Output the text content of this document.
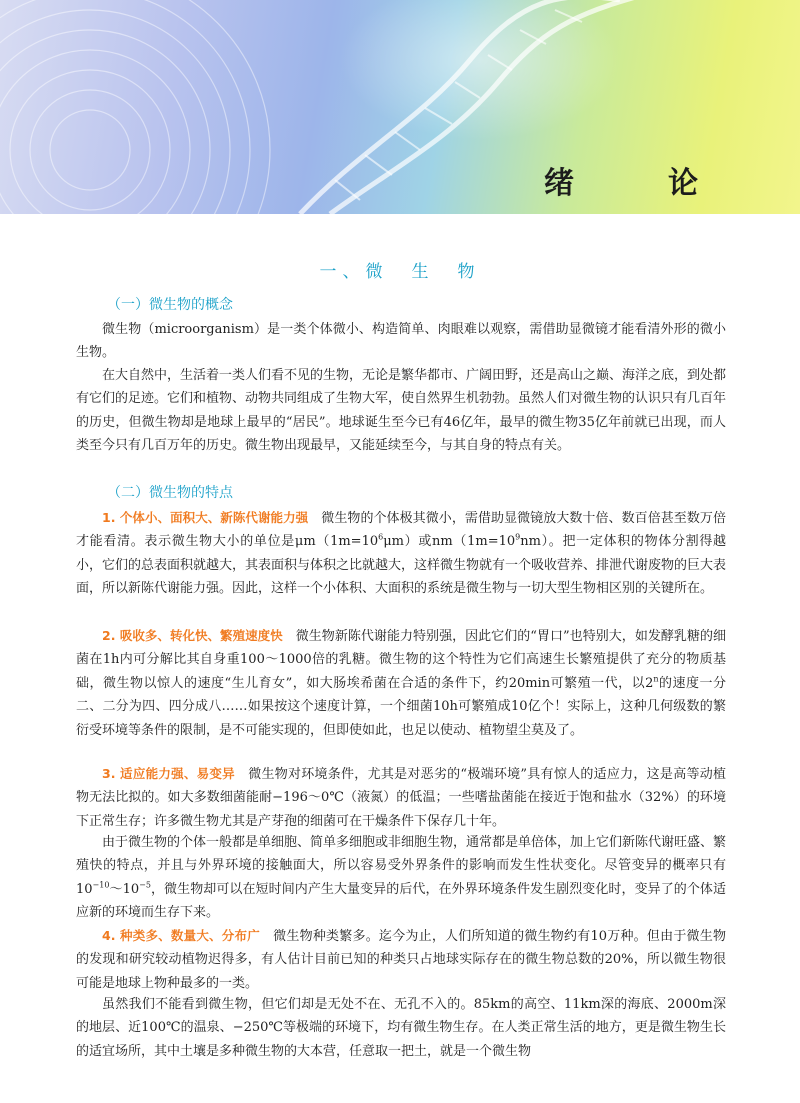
绪　论
一、微　生　物
（一）微生物的概念

微生物（microorganism）是一类个体微小、构造简单、肉眼难以观察，需借助显微镜才能看清外形的微小生物。

在大自然中，生活着一类人们看不见的生物，无论是繁华都市、广阔田野，还是高山之巅、海洋之底，到处都有它们的足迹。它们和植物、动物共同组成了生物大军，使自然界生机勃勃。虽然人们对微生物的认识只有几百年的历史，但微生物却是地球上最早的“居民”。地球诞生至今已有46亿年，最早的微生物35亿年前就已出现，而人类至今只有几百万年的历史。微生物出现最早，又能延续至今，与其自身的特点有关。

（二）微生物的特点

1. 个体小、面积大、新陈代谢能力强　微生物的个体极其微小，需借助显微镜放大数十倍、数百倍甚至数万倍才能看清。表示微生物大小的单位是$\mu m(1m=10^6\mu m)$或$nm(1m=10^9nm)$。把一定体积的物体分割得越小，它们的总表面积就越大，其表面积与体积之比就越大，这样微生物就有一个吸收营养、排泄代谢废物的巨大表面，所以新陈代谢能力强。因此，这样一个小体积、大面积的系统是微生物与一切大型生物相区别的关键所在。

2. 吸收多、转化快、繁殖速度快　微生物新陈代谢能力特别强，因此它们的“胃口”也特别大，如发酵乳糖的细菌在1h内可分解比其自身重100～1000倍的乳糖。微生物的这个特性为它们高速生长繁殖提供了充分的物质基础，微生物以惊人的速度“生儿育女”，如大肠埃希菌在合适的条件下，约20min可繁殖一代，以2$^n$的速度一分二、二分为四、四分成八……如果按这个速度计算，一个细菌10h可繁殖成10亿个！实际上，这种几何级数的繁衍受环境等条件的限制，是不可能实现的，但即使如此，也足以使动、植物望尘莫及了。

3. 适应能力强、易变异　微生物对环境条件，尤其是对恶劣的“极端环境”具有惊人的适应力，这是高等动植物无法比拟的。如大多数细菌能耐−196～0℃（液氮）的低温；一些嗜盐菌能在接近于饱和盐水（32%）的环境下正常生存；许多微生物尤其是产芽孢的细菌可在干燥条件下保存几十年。

由于微生物的个体一般都是单细胞、简单多细胞或非细胞生物，通常都是单倍体，加上它们新陈代谢旺盛、繁殖快的特点，并且与外界环境的接触面大，所以容易受外界条件的影响而发生性状变化。尽管变异的概率只有$10^{-10}\sim 10^{-5}$，微生物却可以在短时间内产生大量变异的后代，在外界环境条件发生剧烈变化时，变异了的个体适应新的环境而生存下来。

4. 种类多、数量大、分布广　微生物种类繁多。迄今为止，人们所知道的微生物约有10万种。但由于微生物的发现和研究较动植物迟得多，有人估计目前已知的种类只占地球实际存在的微生物总数的20%，所以微生物很可能是地球上物种最多的一类。

虽然我们不能看到微生物，但它们却是无处不在、无孔不入的。85km的高空、11km深的海底、2000m深的地层、近100℃的温泉、−250℃等极端的环境下，均有微生物生存。在人类正常生活的地方，更是微生物生长的适宜场所，其中土壤是多种微生物的大本营，任意取一把土，就是一个微生物
